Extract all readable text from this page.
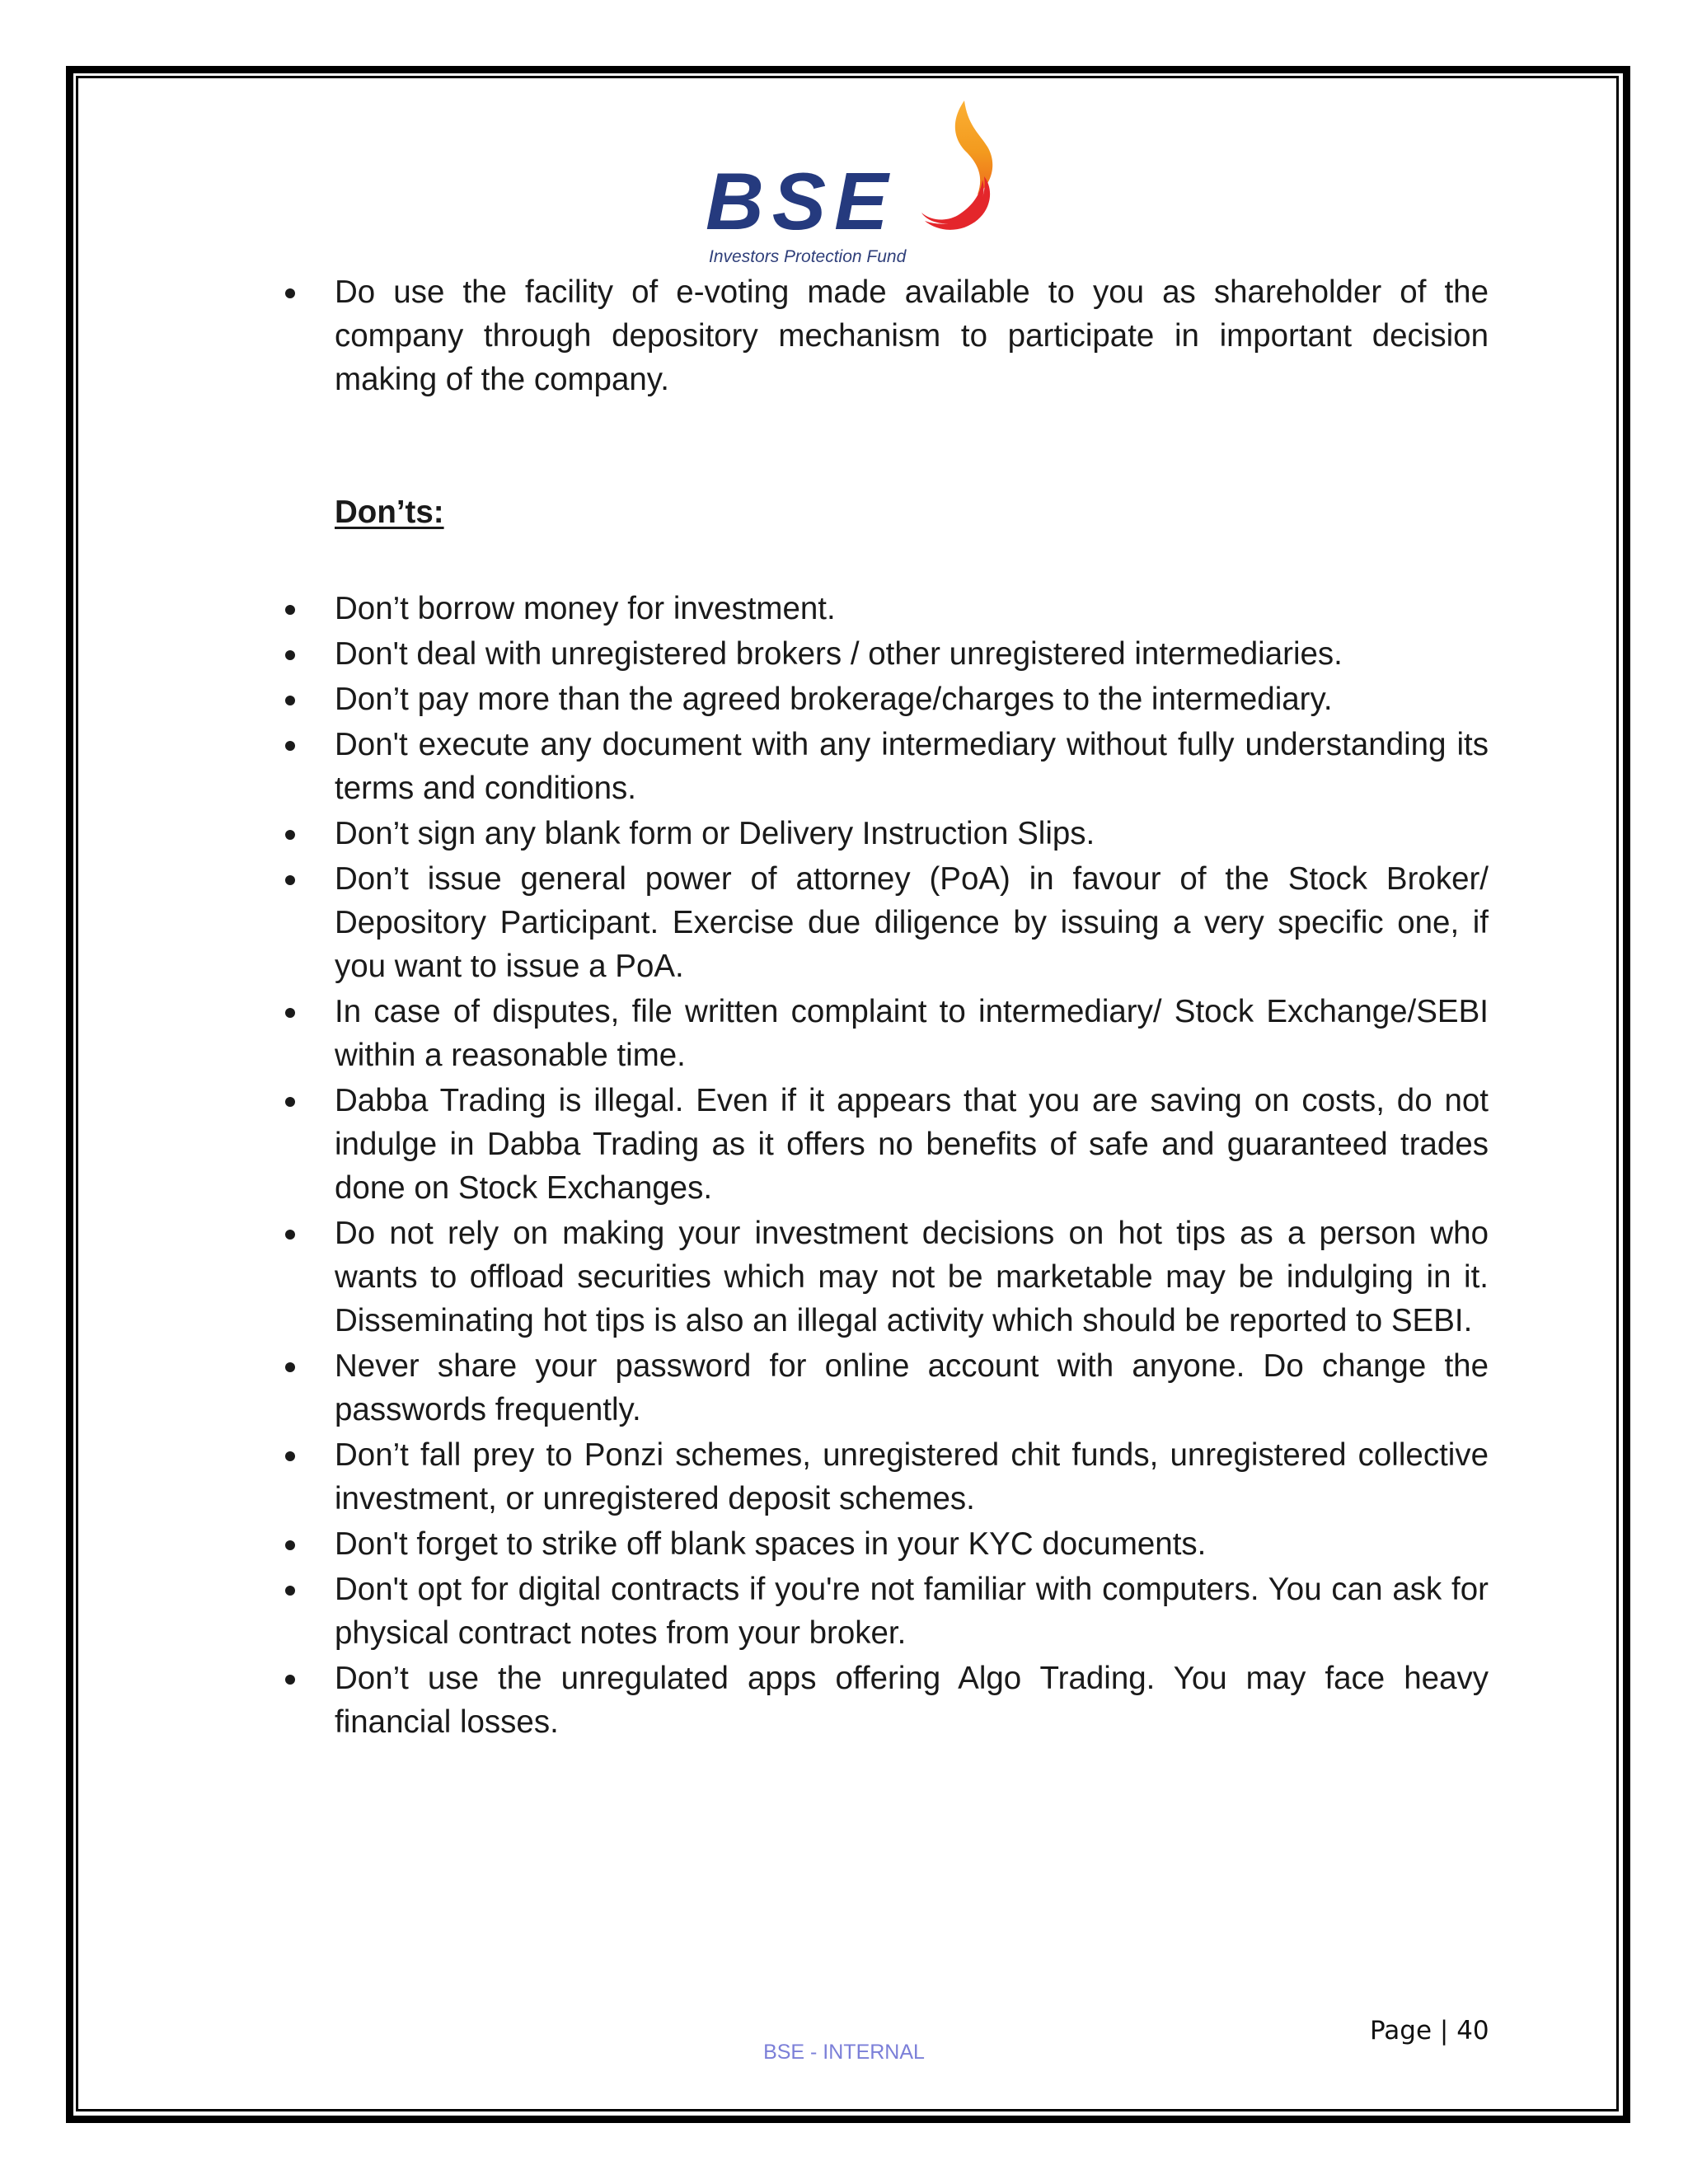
BSE
Investors Protection Fund
Do use the facility of e-voting made available to you as shareholder of the company through depository mechanism to participate in important decision making of the company.
Don’ts:
Don’t borrow money for investment.
Don't deal with unregistered brokers / other unregistered intermediaries.
Don’t pay more than the agreed brokerage/charges to the intermediary.
Don't execute any document with any intermediary without fully understanding its terms and conditions.
Don’t sign any blank form or Delivery Instruction Slips.
Don’t issue general power of attorney (PoA) in favour of the Stock Broker/ Depository Participant. Exercise due diligence by issuing a very specific one, if you want to issue a PoA.
In case of disputes, file written complaint to intermediary/ Stock Exchange/SEBI within a reasonable time.
Dabba Trading is illegal. Even if it appears that you are saving on costs, do not indulge in Dabba Trading as it offers no benefits of safe and guaranteed trades done on Stock Exchanges.
Do not rely on making your investment decisions on hot tips as a person who wants to offload securities which may not be marketable may be indulging in it. Disseminating hot tips is also an illegal activity which should be reported to SEBI.
Never share your password for online account with anyone. Do change the passwords frequently.
Don’t fall prey to Ponzi schemes, unregistered chit funds, unregistered collective investment, or unregistered deposit schemes.
Don't forget to strike off blank spaces in your KYC documents.
Don't opt for digital contracts if you're not familiar with computers. You can ask for physical contract notes from your broker.
Don’t use the unregulated apps offering Algo Trading. You may face heavy financial losses.
Page | 40
BSE - INTERNAL
